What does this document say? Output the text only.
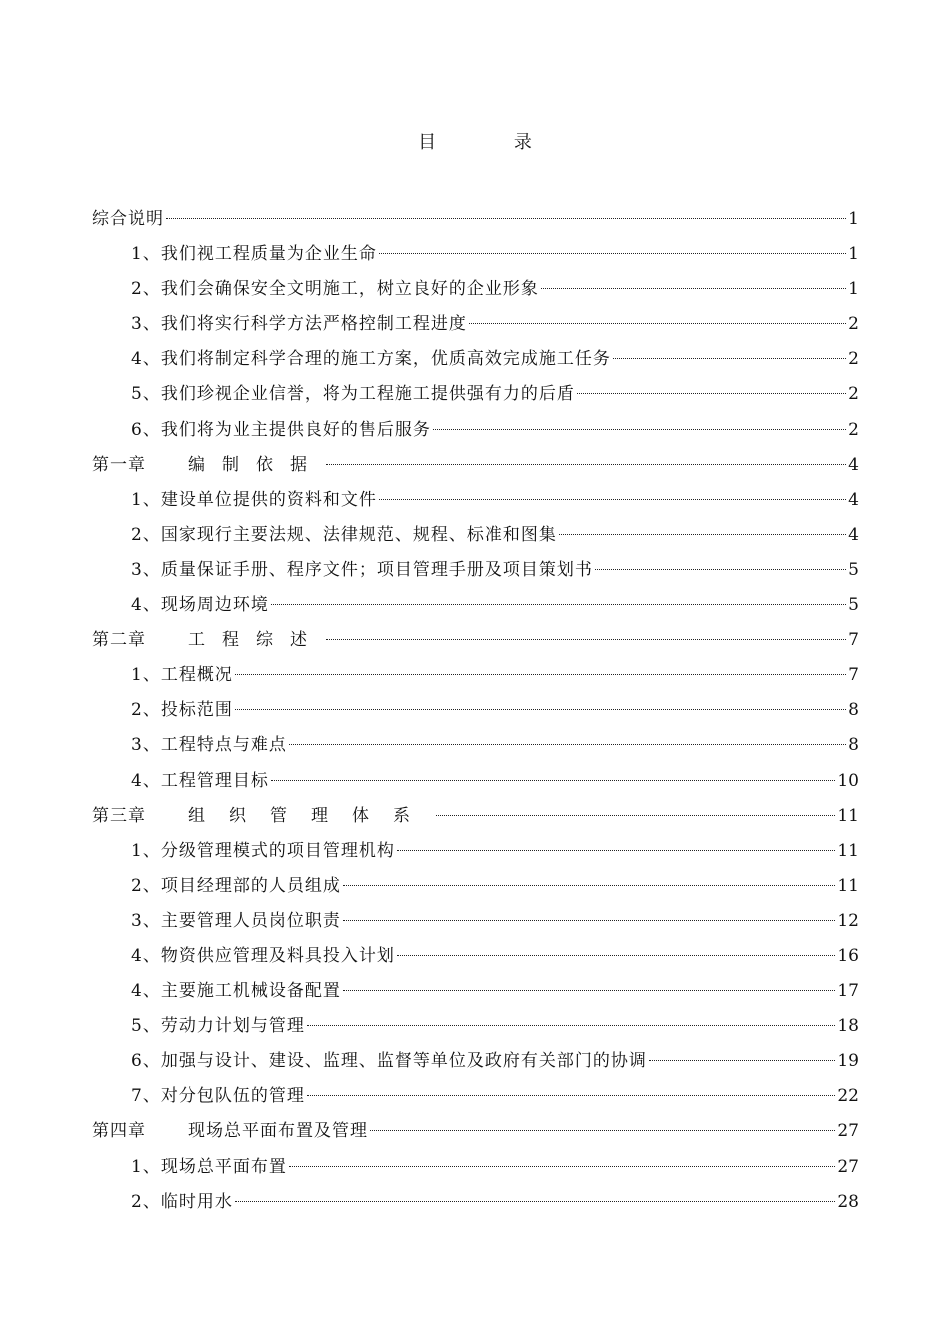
目 录
综合说明	1
1、我们视工程质量为企业生命	1
2、我们会确保安全文明施工，树立良好的企业形象	1
3、我们将实行科学方法严格控制工程进度	2
4、我们将制定科学合理的施工方案，优质高效完成施工任务	2
5、我们珍视企业信誉，将为工程施工提供强有力的后盾	2
6、我们将为业主提供良好的售后服务	2
第一章 编制依据	4
1、建设单位提供的资料和文件	4
2、国家现行主要法规、法律规范、规程、标准和图集	4
3、质量保证手册、程序文件；项目管理手册及项目策划书	5
4、现场周边环境	5
第二章 工程综述	7
1、工程概况	7
2、投标范围	8
3、工程特点与难点	8
4、工程管理目标	10
第三章 组织管理体系	11
1、分级管理模式的项目管理机构	11
2、项目经理部的人员组成	11
3、主要管理人员岗位职责	12
4、物资供应管理及料具投入计划	16
4、主要施工机械设备配置	17
5、劳动力计划与管理	18
6、加强与设计、建设、监理、监督等单位及政府有关部门的协调	19
7、对分包队伍的管理	22
第四章 现场总平面布置及管理	27
1、现场总平面布置	27
2、临时用水	28
